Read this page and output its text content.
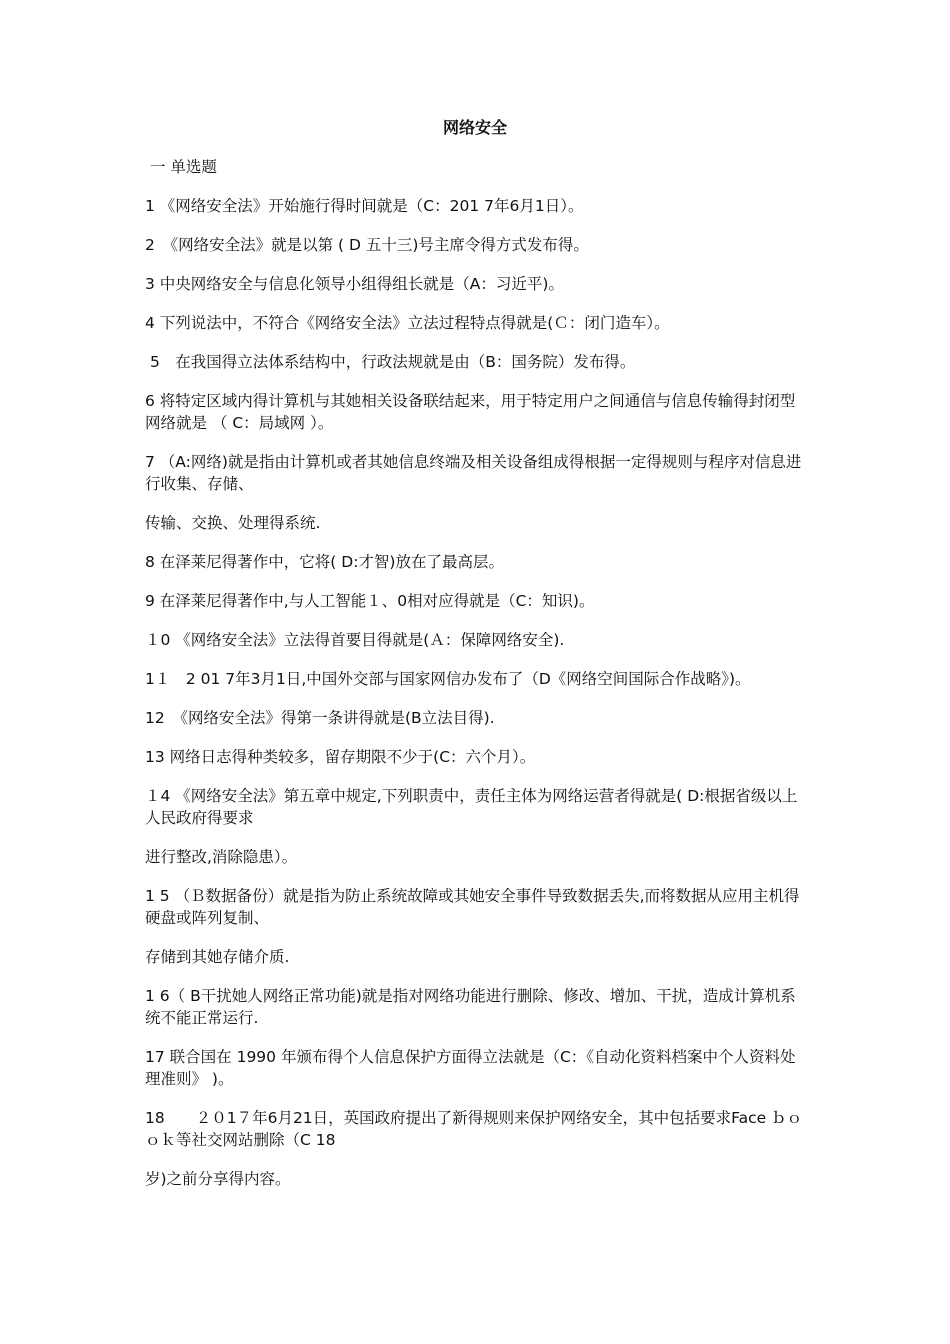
网络安全

一 单选题

1 《网络安全法》开始施行得时间就是（C：201 7年6月1日）。

2　《网络安全法》就是以第 ( D 五十三)号主席令得方式发布得。

3 中央网络安全与信息化领导小组得组长就是（A：习近平)。

4 下列说法中，不符合《网络安全法》立法过程特点得就是(Ｃ：闭门造车）。

5　在我国得立法体系结构中，行政法规就是由（B：国务院）发布得。

6 将特定区域内得计算机与其她相关设备联结起来，用于特定用户之间通信与信息传输得封闭型网络就是 （ C：局域网 ）。

7 （A:网络)就是指由计算机或者其她信息终端及相关设备组成得根据一定得规则与程序对信息进行收集、存储、

传输、交换、处理得系统.

8 在泽莱尼得著作中，它将( D:才智)放在了最高层。

9 在泽莱尼得著作中,与人工智能１、0相对应得就是（C：知识)。

１0 《网络安全法》立法得首要目得就是(Ａ：保障网络安全).

1１　2 01 7年3月1日,中国外交部与国家网信办发布了（D《网络空间国际合作战略》)。

12　《网络安全法》得第一条讲得就是(B立法目得).

13 网络日志得种类较多，留存期限不少于(C：六个月）。

１4 《网络安全法》第五章中规定,下列职责中，责任主体为网络运营者得就是( D:根据省级以上人民政府得要求

进行整改,消除隐患）。

1 5 （Ｂ数据备份）就是指为防止系统故障或其她安全事件导致数据丢失,而将数据从应用主机得硬盘或阵列复制、

存储到其她存储介质.

1 6（ B干扰她人网络正常功能)就是指对网络功能进行删除、修改、增加、干扰，造成计算机系统不能正常运行.

17 联合国在 1990 年颁布得个人信息保护方面得立法就是（C：《自动化资料档案中个人资料处理准则》 )。

18　　２０1７年6月21日，英国政府提出了新得规则来保护网络安全，其中包括要求Face ｂｏｏｋ等社交网站删除（C 18

岁)之前分享得内容。
